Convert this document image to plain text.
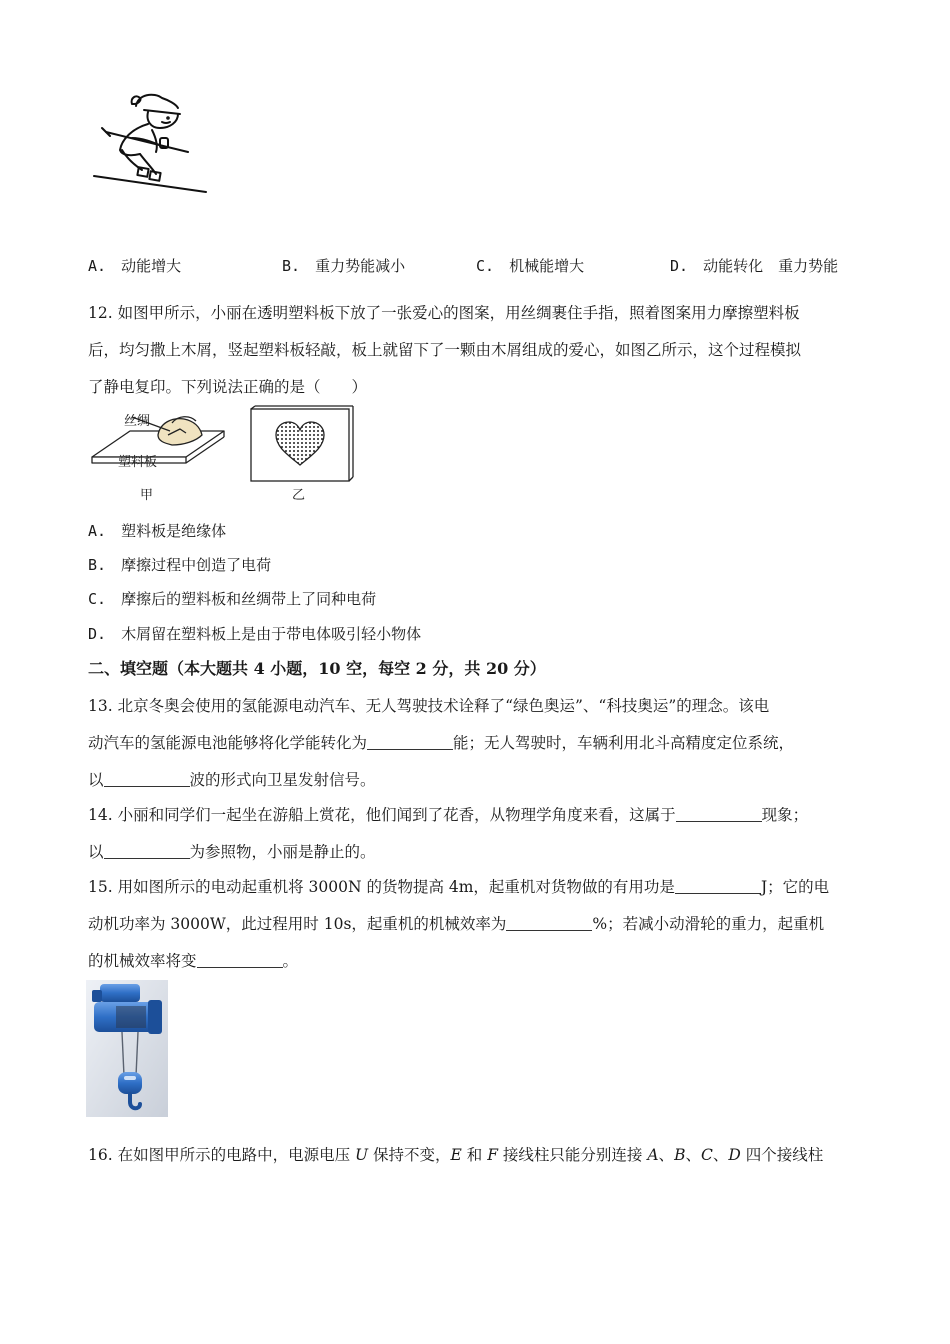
A. 动能增大	B. 重力势能减小	C. 机械能增大	D. 动能转化　重力势能
12. 如图甲所示，小丽在透明塑料板下放了一张爱心的图案，用丝绸裹住手指，照着图案用力摩擦塑料板
后，均匀撒上木屑，竖起塑料板轻敲，板上就留下了一颗由木屑组成的爱心，如图乙所示，这个过程模拟
了静电复印。下列说法正确的是（　　）
丝绸
塑料板
甲	乙
A. 塑料板是绝缘体
B. 摩擦过程中创造了电荷
C. 摩擦后的塑料板和丝绸带上了同种电荷
D. 木屑留在塑料板上是由于带电体吸引轻小物体
二、填空题（本大题共 4 小题，10 空，每空 2 分，共 20 分）
13. 北京冬奥会使用的氢能源电动汽车、无人驾驶技术诠释了“绿色奥运”、“科技奥运”的理念。该电
动汽车的氢能源电池能够将化学能转化为	能；无人驾驶时，车辆利用北斗高精度定位系统，
以	波的形式向卫星发射信号。
14. 小丽和同学们一起坐在游船上赏花，他们闻到了花香，从物理学角度来看，这属于	现象；
以	为参照物，小丽是静止的。
15. 用如图所示的电动起重机将 3000N 的货物提高 4m，起重机对货物做的有用功是	J；它的电
动机功率为 3000W，此过程用时 10s，起重机的机械效率为	%；若减小动滑轮的重力，起重机
的机械效率将变	。
16. 在如图甲所示的电路中，电源电压 U 保持不变，E 和 F 接线柱只能分别连接 A、B、C、D 四个接线柱
